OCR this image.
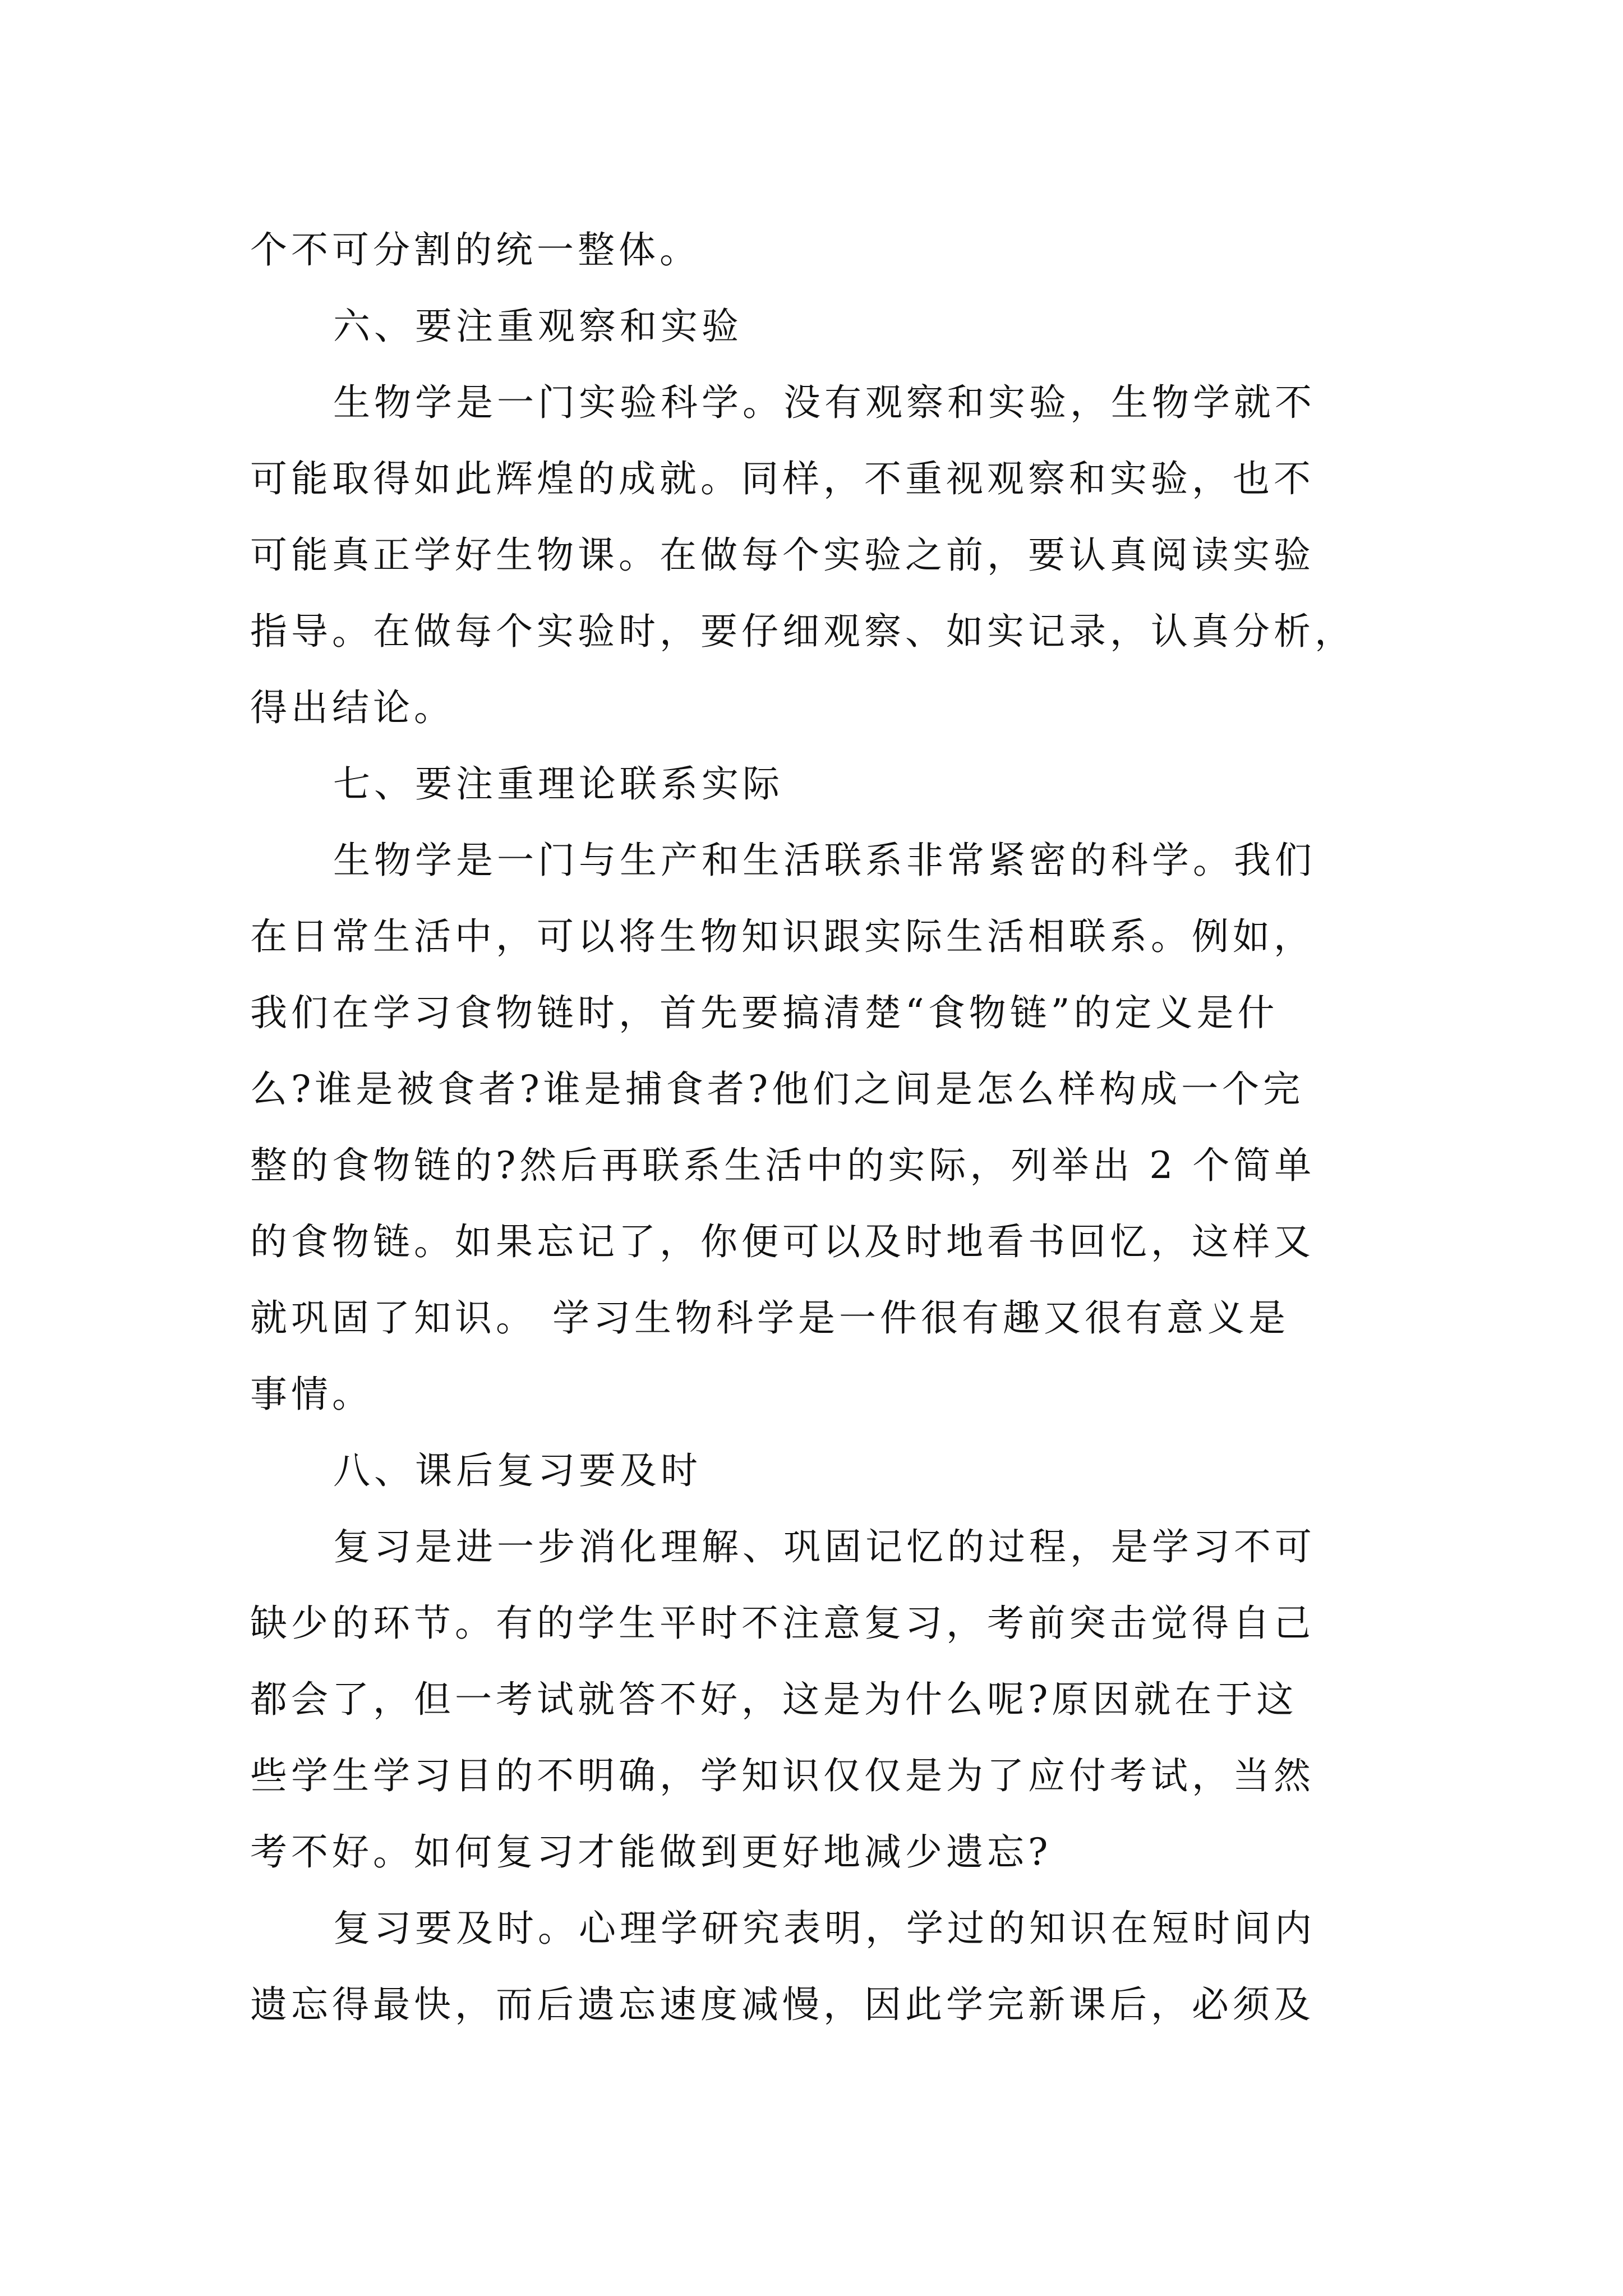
个不可分割的统一整体。
六、要注重观察和实验
生物学是一门实验科学。没有观察和实验，生物学就不
可能取得如此辉煌的成就。同样，不重视观察和实验，也不
可能真正学好生物课。在做每个实验之前，要认真阅读实验
指导。在做每个实验时，要仔细观察、如实记录，认真分析，
得出结论。
七、要注重理论联系实际
生物学是一门与生产和生活联系非常紧密的科学。我们
在日常生活中，可以将生物知识跟实际生活相联系。例如，
我们在学习食物链时，首先要搞清楚“食物链”的定义是什
么?谁是被食者?谁是捕食者?他们之间是怎么样构成一个完
整的食物链的?然后再联系生活中的实际，列举出 2 个简单
的食物链。如果忘记了，你便可以及时地看书回忆，这样又
就巩固了知识。 学习生物科学是一件很有趣又很有意义是
事情。
八、课后复习要及时
复习是进一步消化理解、巩固记忆的过程，是学习不可
缺少的环节。有的学生平时不注意复习，考前突击觉得自己
都会了，但一考试就答不好，这是为什么呢?原因就在于这
些学生学习目的不明确，学知识仅仅是为了应付考试，当然
考不好。如何复习才能做到更好地减少遗忘?
复习要及时。心理学研究表明，学过的知识在短时间内
遗忘得最快，而后遗忘速度减慢，因此学完新课后，必须及
